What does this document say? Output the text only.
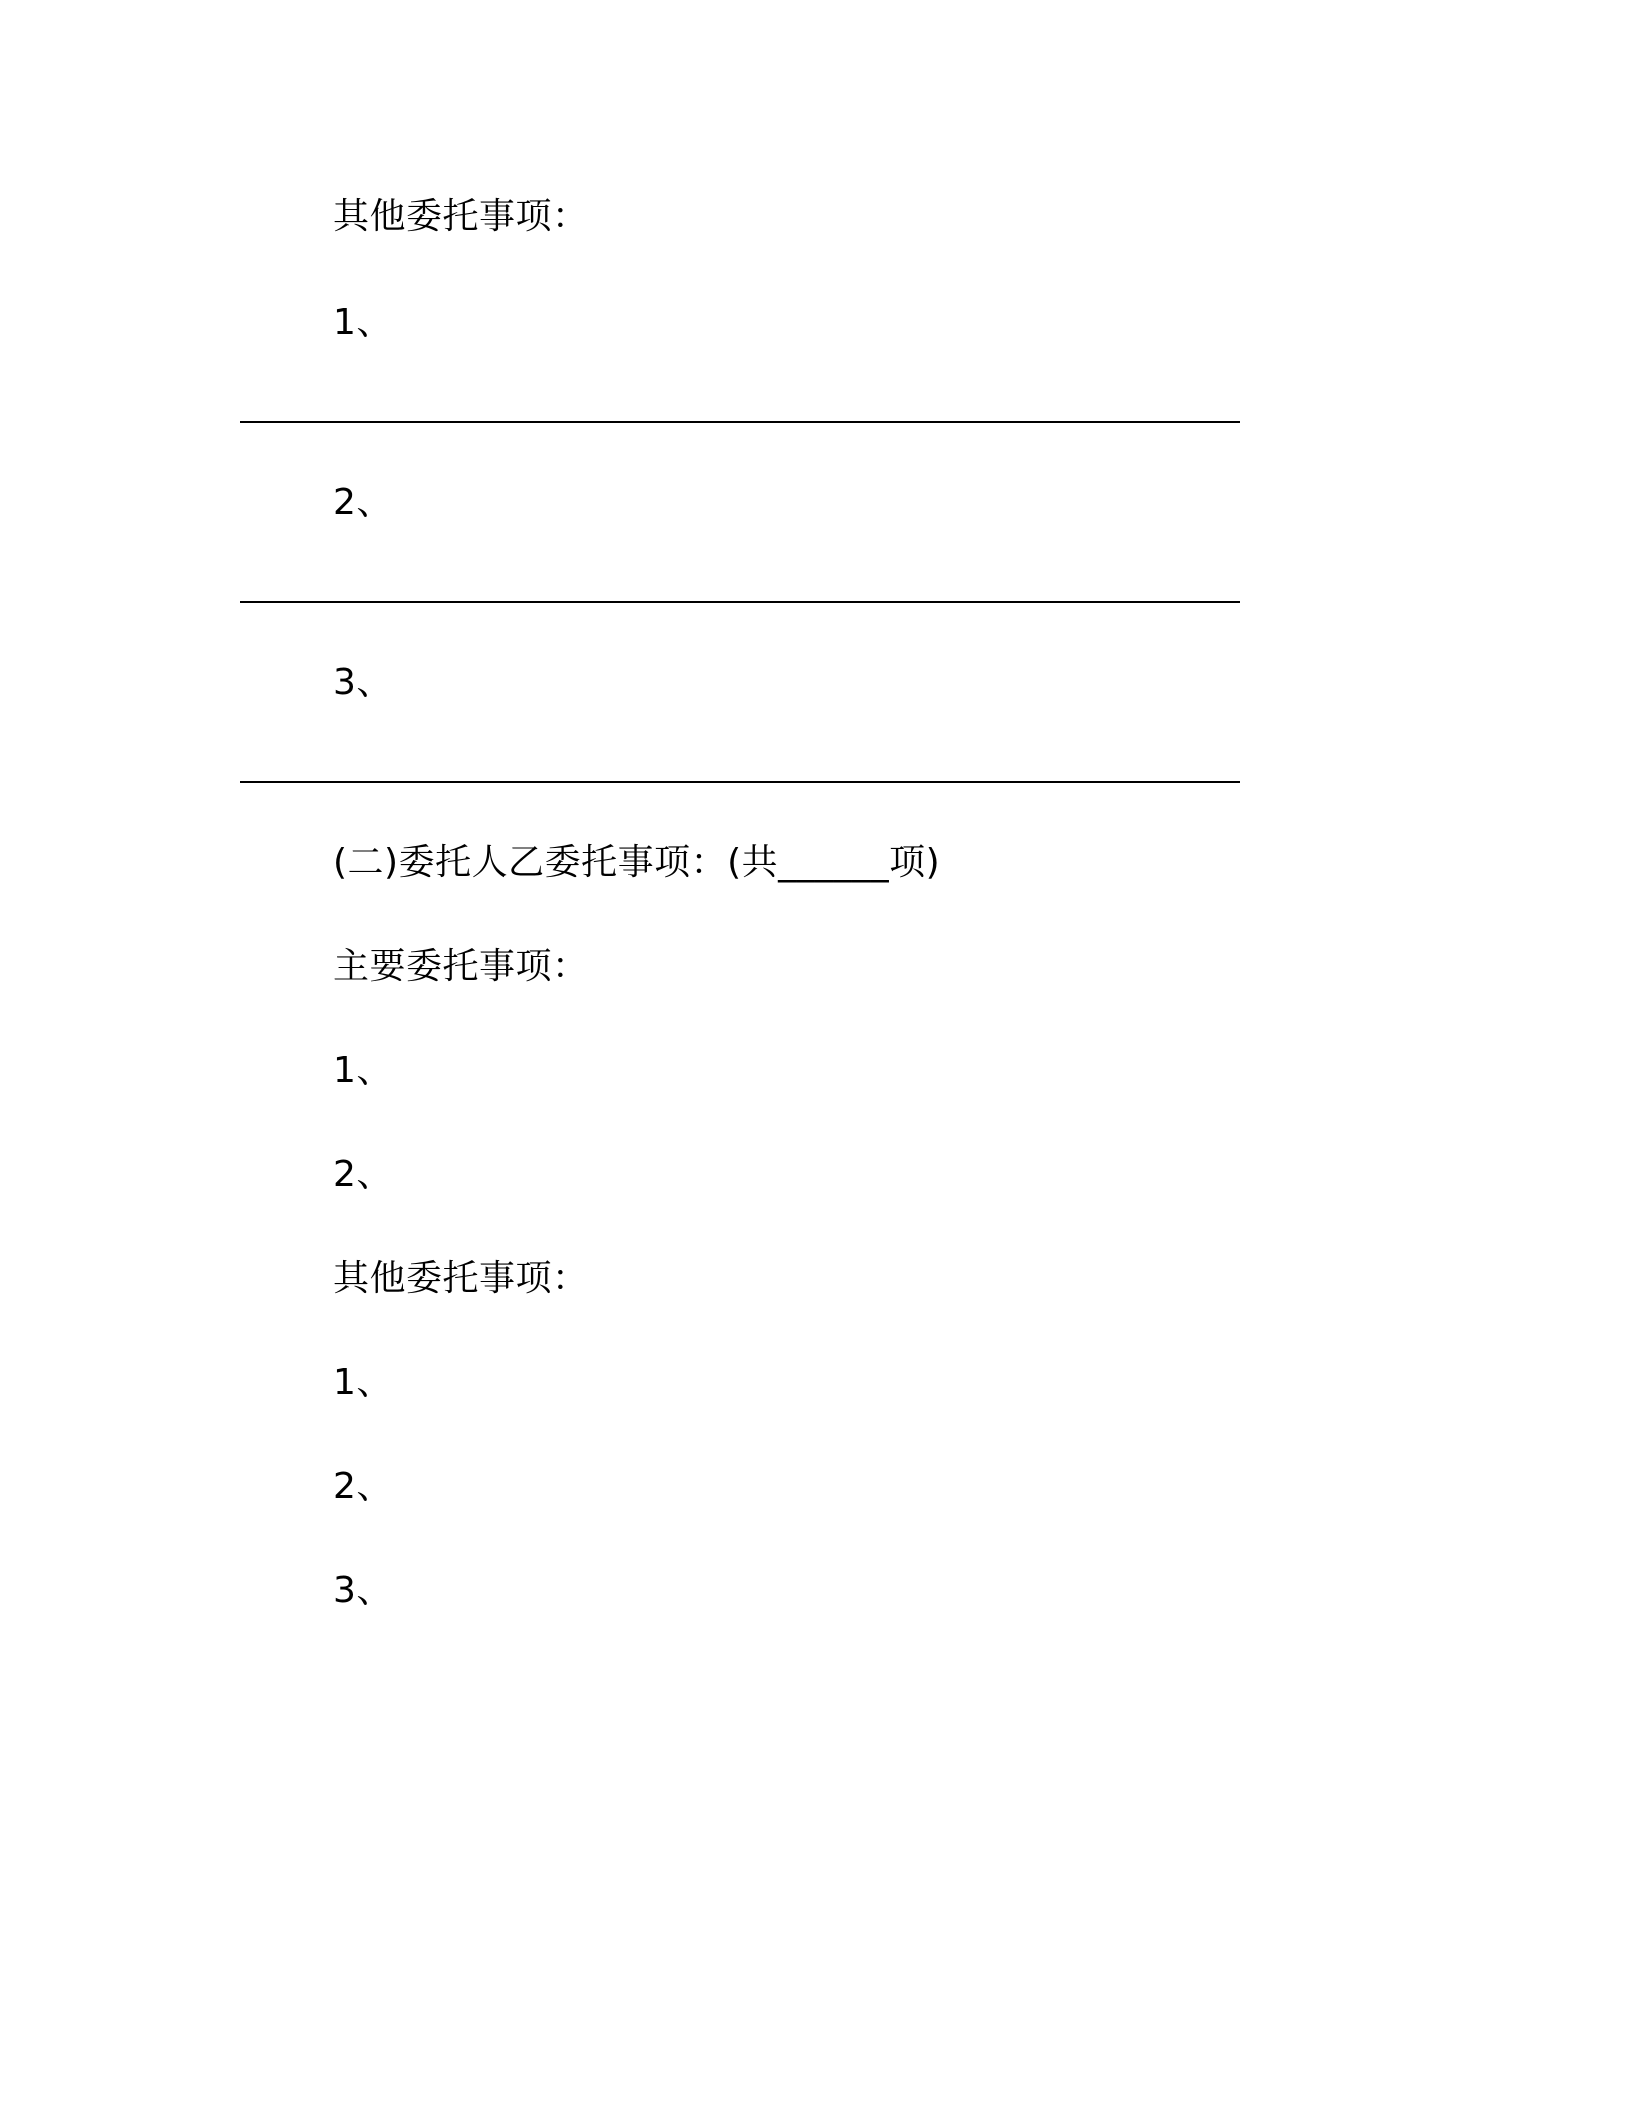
其他委托事项：
1、
2、
3、
(二)委托人乙委托事项：(共______项)
主要委托事项：
1、
2、
其他委托事项：
1、
2、
3、
